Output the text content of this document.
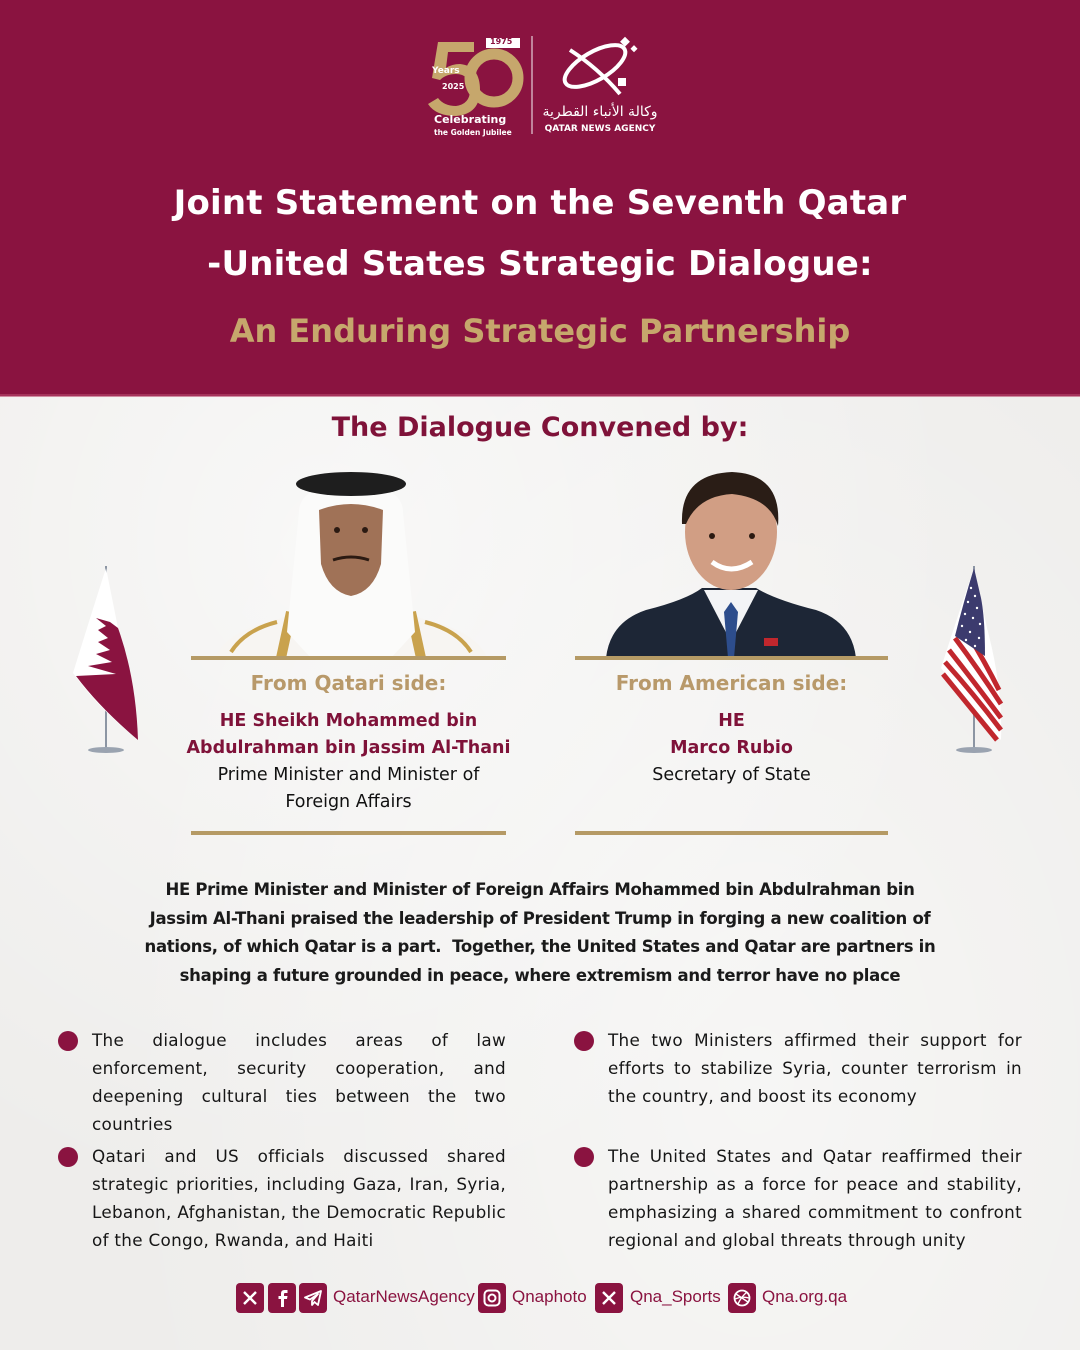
1975
Years
2025
Celebrating
the Golden Jubilee
وكالة الأنباء القطرية
QATAR NEWS AGENCY
Joint Statement on the Seventh Qatar
-United States Strategic Dialogue:
An Enduring Strategic Partnership
The Dialogue Convened by:
From Qatari side:
HE Sheikh Mohammed bin
Abdulrahman bin Jassim Al-Thani
Prime Minister and Minister of
Foreign Affairs
From American side:
HE
Marco Rubio
Secretary of State
HE Prime Minister and Minister of Foreign Affairs Mohammed bin Abdulrahman bin
Jassim Al-Thani praised the leadership of President Trump in forging a new coalition of
nations, of which Qatar is a part.  Together, the United States and Qatar are partners in
shaping a future grounded in peace, where extremism and terror have no place
The dialogue includes areas of law enforcement, security cooperation, and deepening cultural ties between the two countries
Qatari and US officials discussed shared strategic priorities, including Gaza, Iran, Syria, Lebanon, Afghanistan, the Democratic Republic of the Congo, Rwanda, and Haiti
The two Ministers affirmed their support for efforts to stabilize Syria, counter terrorism in the country, and boost its economy
The United States and Qatar reaffirmed their partnership as a force for peace and stability, emphasizing a shared commitment to confront regional and global threats through unity
QatarNewsAgency Qnaphoto	Qna_Sports Qna.org.qa
